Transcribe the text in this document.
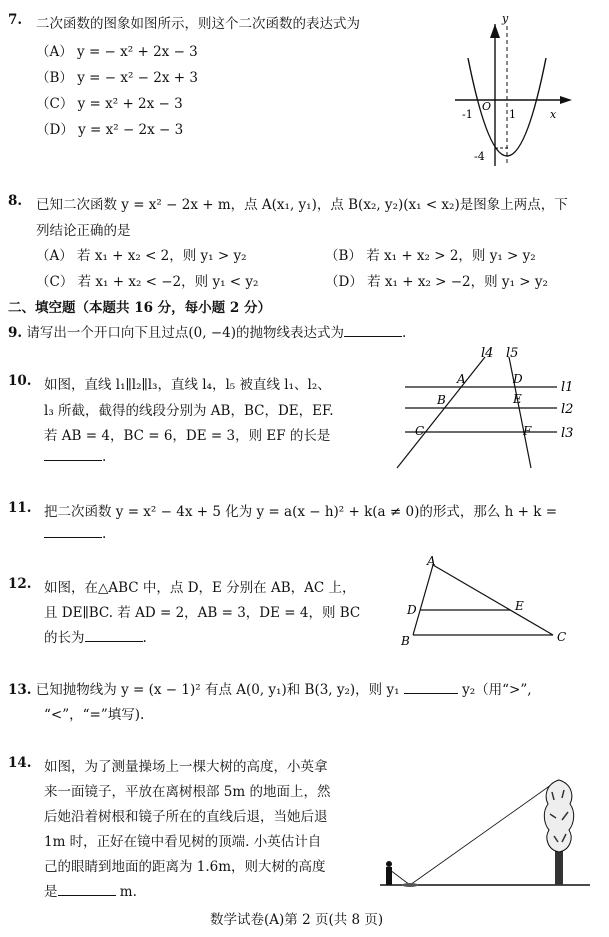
7. 二次函数的图象如图所示，则这个二次函数的表达式为
（A） y = − x² + 2x − 3
（B） y = − x² − 2x + 3
（C） y = x² + 2x − 3
（D） y = x² − 2x − 3
y
x
O
-1	1
-4
8. 已知二次函数 y = x² − 2x + m，点 A(x₁, y₁)，点 B(x₂, y₂)(x₁ < x₂)是图象上两点，下
列结论正确的是
（A） 若 x₁ + x₂ < 2，则 y₁ > y₂	（B） 若 x₁ + x₂ > 2，则 y₁ > y₂
（C） 若 x₁ + x₂ < −2，则 y₁ < y₂	（D） 若 x₁ + x₂ > −2，则 y₁ > y₂
二、填空题（本题共 16 分，每小题 2 分）
9. 请写出一个开口向下且过点(0, −4)的抛物线表达式为	.
10. 如图，直线 l₁∥l₂∥l₃，直线 l₄，l₅ 被直线 l₁、l₂、
l₃ 所截，截得的线段分别为 AB，BC，DE，EF.
若 AB = 4，BC = 6，DE = 3，则 EF 的长是
.
l4 l5
l1
l2
l3
A
B
C
D
E
F
11. 把二次函数 y = x² − 4x + 5 化为 y = a(x − h)² + k(a ≠ 0)的形式，那么 h + k =
.
12. 如图，在△ABC 中，点 D，E 分别在 AB，AC 上，
且 DE∥BC. 若 AD = 2，AB = 3，DE = 4，则 BC
的长为	.
A
B	C
D	E
13. 已知抛物线为 y = (x − 1)² 有点 A(0, y₁)和 B(3, y₂)，则 y₁	y₂（用“>”,
“<”，“=”填写).
14. 如图，为了测量操场上一棵大树的高度，小英拿
来一面镜子，平放在离树根部 5m 的地面上，然
后她沿着树根和镜子所在的直线后退，当她后退
1m 时，正好在镜中看见树的顶端. 小英估计自
己的眼睛到地面的距离为 1.6m，则大树的高度
是	m.
数学试卷(A)第 2 页(共 8 页)
